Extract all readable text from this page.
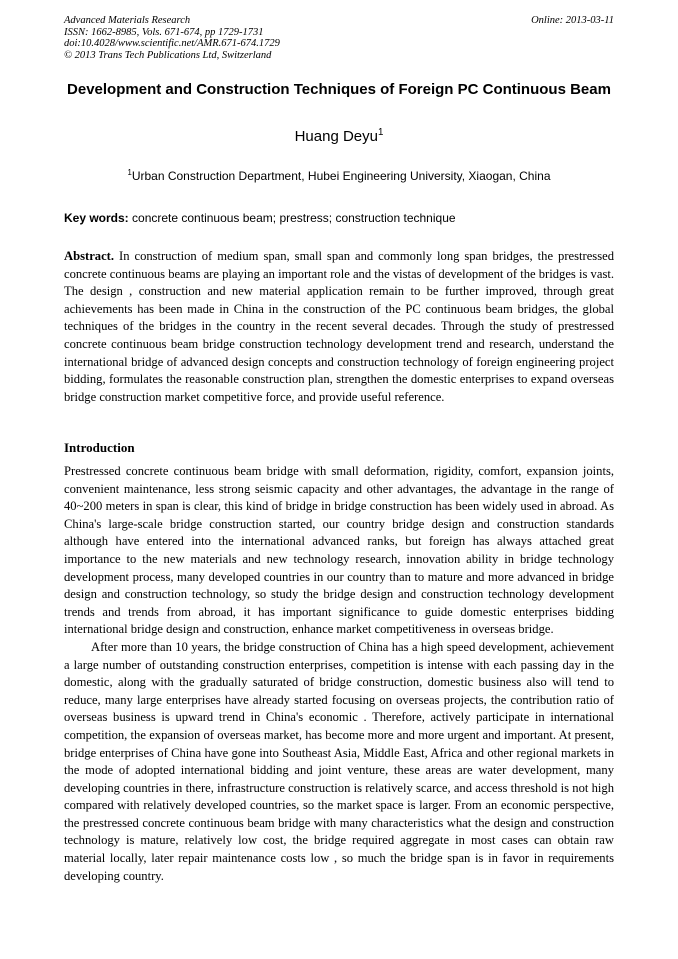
Advanced Materials Research
ISSN: 1662-8985, Vols. 671-674, pp 1729-1731
doi:10.4028/www.scientific.net/AMR.671-674.1729
© 2013 Trans Tech Publications Ltd, Switzerland
Online: 2013-03-11
Development and Construction Techniques of Foreign PC Continuous Beam
Huang Deyu$^1$
$^1$Urban Construction Department, Hubei Engineering University, Xiaogan, China
Key words: concrete continuous beam; prestress; construction technique

Abstract. In construction of medium span, small span and commonly long span bridges, the prestressed concrete continuous beams are playing an important role and the vistas of development of the bridges is vast. The design , construction and new material application remain to be further improved, through great achievements has been made in China in the construction of the PC continuous beam bridges, the global techniques of the bridges in the country in the recent several decades. Through the study of prestressed concrete continuous beam bridge construction technology development trend and research, understand the international bridge of advanced design concepts and construction technology of foreign engineering project bidding, formulates the reasonable construction plan, strengthen the domestic enterprises to expand overseas bridge construction market competitive force, and provide useful reference.

Introduction

Prestressed concrete continuous beam bridge with small deformation, rigidity, comfort, expansion joints, convenient maintenance, less strong seismic capacity and other advantages, the advantage in the range of 40~200 meters in span is clear, this kind of bridge in bridge construction has been widely used in abroad. As China's large-scale bridge construction started, our country bridge design and construction standards although have entered into the international advanced ranks, but foreign has always attached great importance to the new materials and new technology research, innovation ability in bridge technology development process, many developed countries in our country than to mature and more advanced in bridge design and construction technology, so study the bridge design and construction technology development trends and trends from abroad, it has important significance to guide domestic enterprises bidding international bridge design and construction, enhance market competitiveness in overseas bridge.

After more than 10 years, the bridge construction of China has a high speed development, achievement a large number of outstanding construction enterprises, competition is intense with each passing day in the domestic, along with the gradually saturated of bridge construction, domestic business also will tend to reduce, many large enterprises have already started focusing on overseas projects, the contribution ratio of overseas business is upward trend in China's economic . Therefore, actively participate in international competition, the expansion of overseas market, has become more and more urgent and important. At present, bridge enterprises of China have gone into Southeast Asia, Middle East, Africa and other regional markets in the mode of adopted international bidding and joint venture, these areas are water development, many developing countries in there, infrastructure construction is relatively scarce, and access threshold is not high compared with relatively developed countries, so the market space is larger. From an economic perspective, the prestressed concrete continuous beam bridge with many characteristics what the design and construction technology is mature, relatively low cost, the bridge required aggregate in most cases can obtain raw material locally, later repair maintenance costs low , so much the bridge span is in favor in requirements developing country.
